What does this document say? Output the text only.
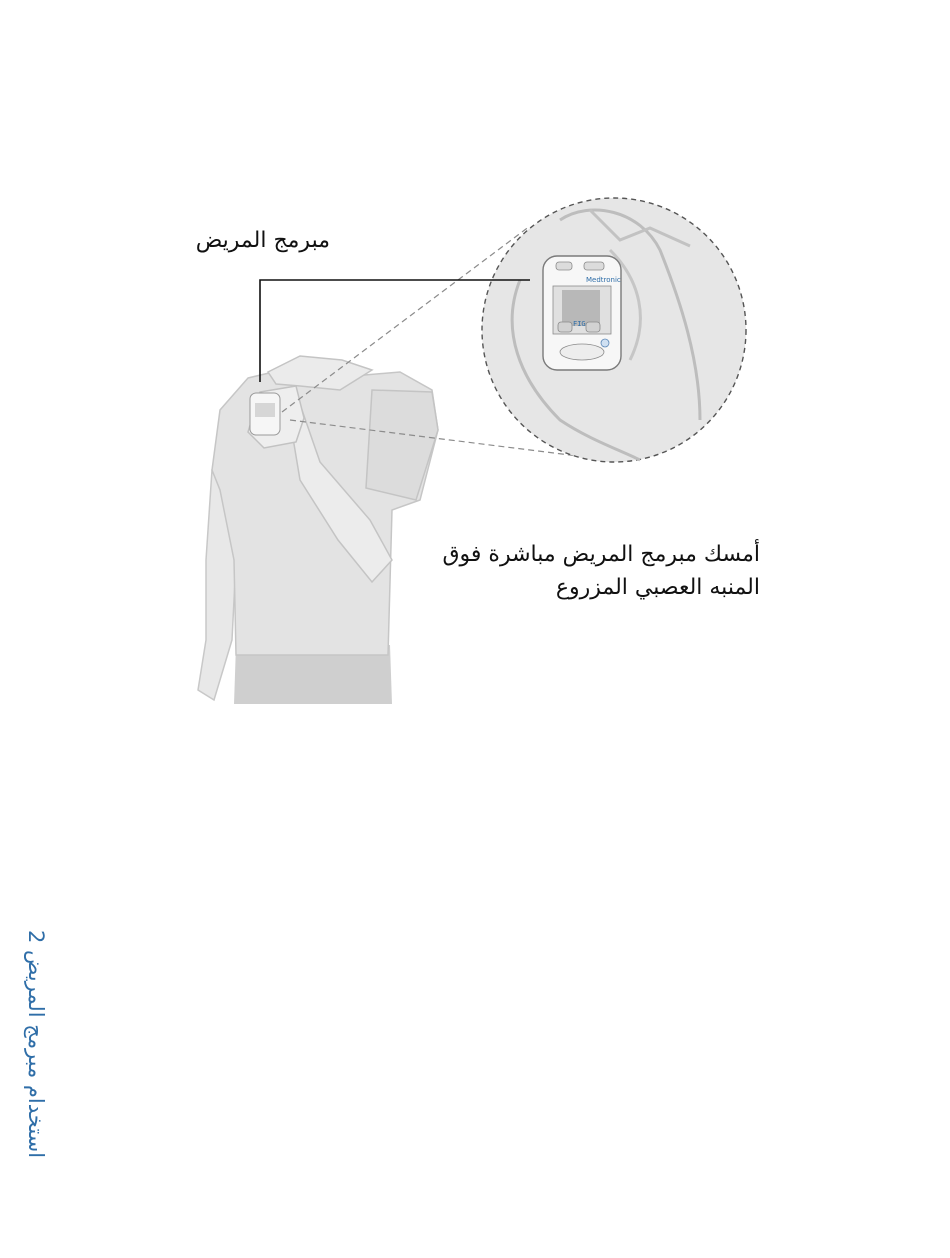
Medtronic
FIG
مبرمج المريض
أمسك مبرمج المريض مباشرة فوق
المنبه العصبي المزروع
استخدام مبرمج المريض 2
